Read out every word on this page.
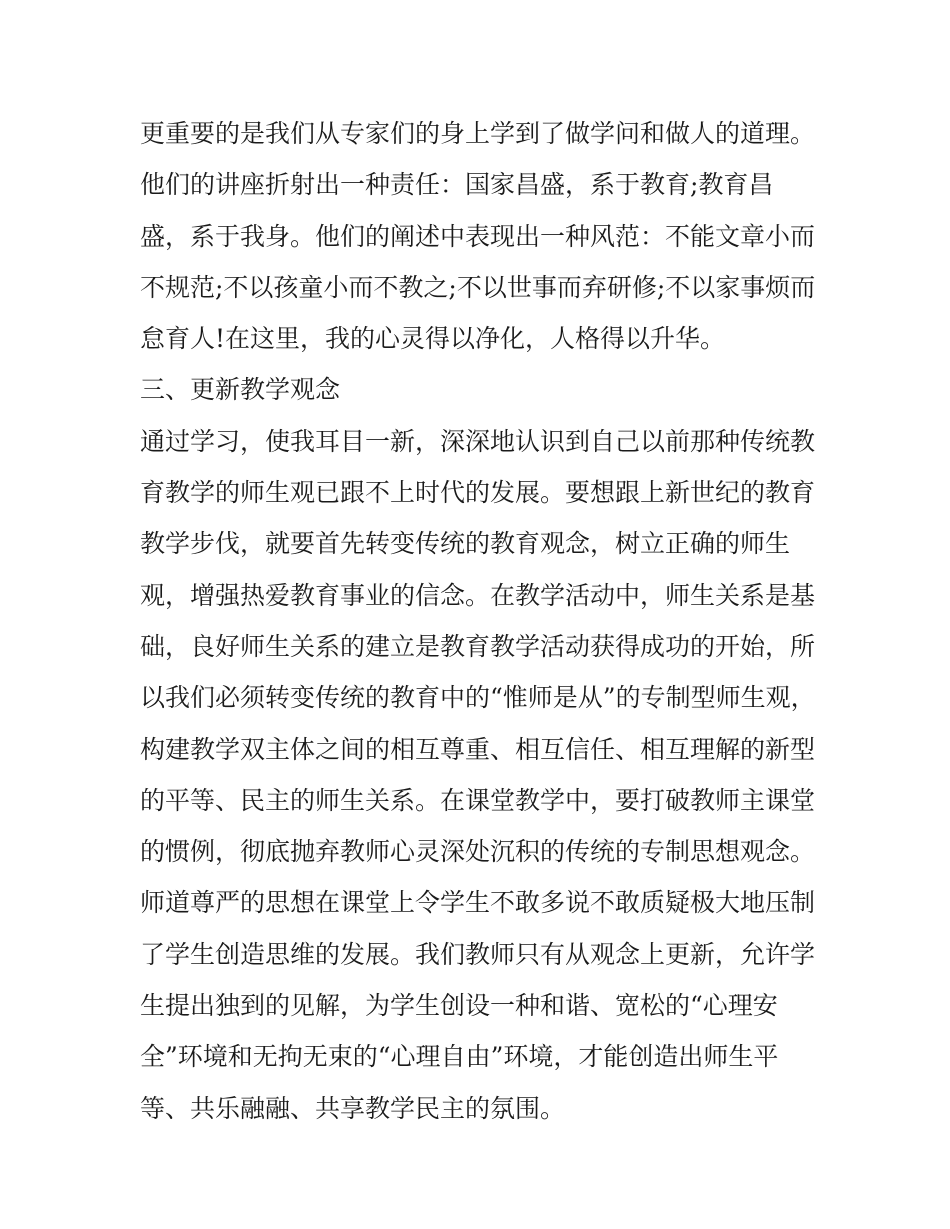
更重要的是我们从专家们的身上学到了做学问和做人的道理。

他们的讲座折射出一种责任：国家昌盛，系于教育;教育昌

盛，系于我身。他们的阐述中表现出一种风范：不能文章小而

不规范;不以孩童小而不教之;不以世事而弃研修;不以家事烦而

怠育人!在这里，我的心灵得以净化，人格得以升华。

三、更新教学观念

通过学习，使我耳目一新，深深地认识到自己以前那种传统教

育教学的师生观已跟不上时代的发展。要想跟上新世纪的教育

教学步伐，就要首先转变传统的教育观念，树立正确的师生

观，增强热爱教育事业的信念。在教学活动中，师生关系是基

础，良好师生关系的建立是教育教学活动获得成功的开始，所

以我们必须转变传统的教育中的“惟师是从”的专制型师生观，

构建教学双主体之间的相互尊重、相互信任、相互理解的新型

的平等、民主的师生关系。在课堂教学中，要打破教师主课堂

的惯例，彻底抛弃教师心灵深处沉积的传统的专制思想观念。

师道尊严的思想在课堂上令学生不敢多说不敢质疑极大地压制

了学生创造思维的发展。我们教师只有从观念上更新，允许学

生提出独到的见解，为学生创设一种和谐、宽松的“心理安

全”环境和无拘无束的“心理自由”环境，才能创造出师生平

等、共乐融融、共享教学民主的氛围。
